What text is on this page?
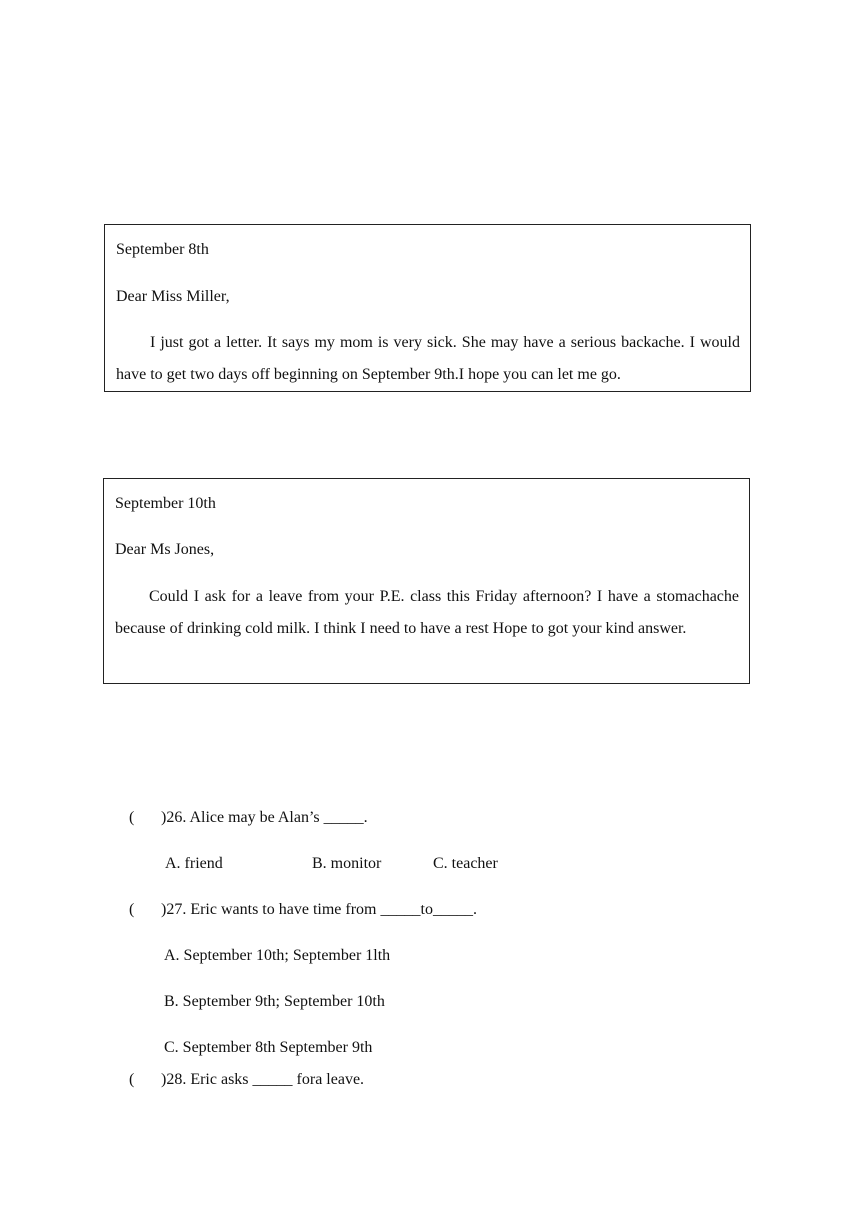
September 8th
Dear Miss Miller,
I just got a letter. It says my mom is very sick. She may have a serious backache. I would have to get two days off beginning on September 9th.I hope you can let me go.
September 10th
Dear Ms Jones,
Could I ask for a leave from your P.E. class this Friday afternoon? I have a stomachache because of drinking cold milk. I think I need to have a rest Hope to got your kind answer.
( )26. Alice may be Alan’s _____.
A. friend	B. monitor	C. teacher
( )27. Eric wants to have time from _____to_____.
A. September 10th; September 1lth
B. September 9th; September 10th
C. September 8th September 9th
( )28. Eric asks _____ fora leave.
